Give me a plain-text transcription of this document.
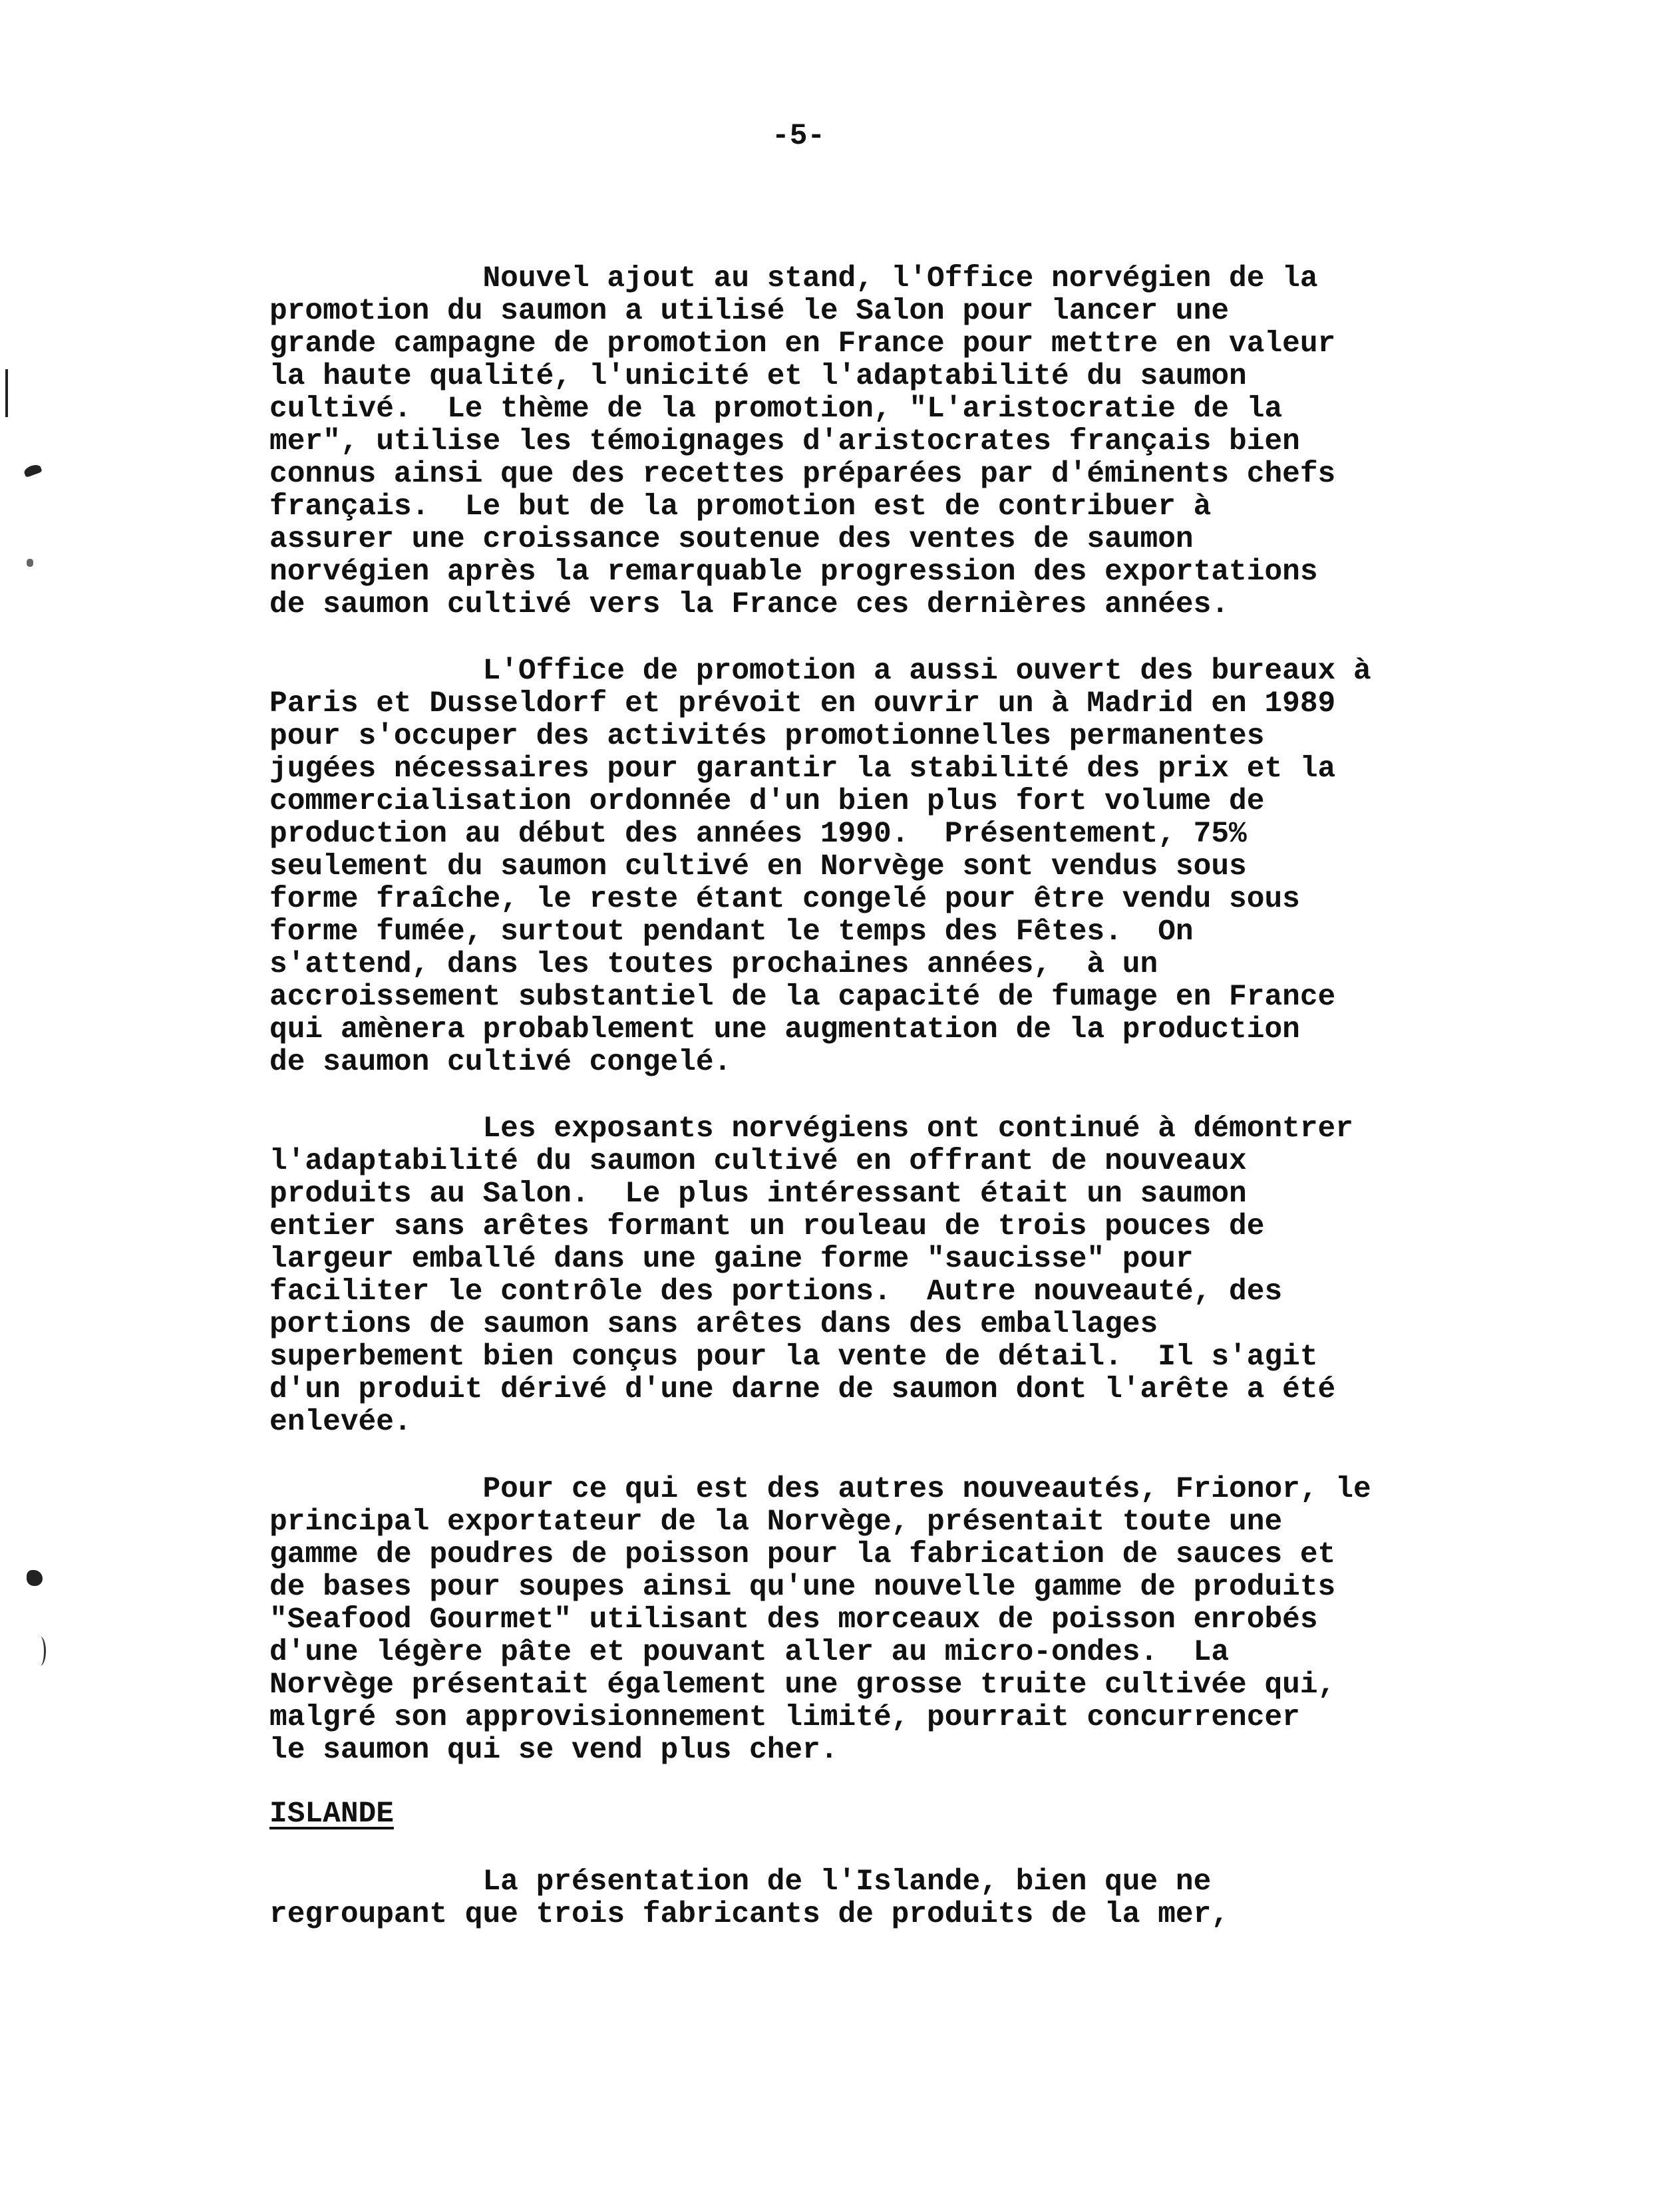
-5-

Nouvel ajout au stand, l'Office norvégien de la
promotion du saumon a utilisé le Salon pour lancer une
grande campagne de promotion en France pour mettre en valeur
la haute qualité, l'unicité et l'adaptabilité du saumon
cultivé.  Le thème de la promotion, "L'aristocratie de la
mer", utilise les témoignages d'aristocrates français bien
connus ainsi que des recettes préparées par d'éminents chefs
français.  Le but de la promotion est de contribuer à
assurer une croissance soutenue des ventes de saumon
norvégien après la remarquable progression des exportations
de saumon cultivé vers la France ces dernières années.

L'Office de promotion a aussi ouvert des bureaux à
Paris et Dusseldorf et prévoit en ouvrir un à Madrid en 1989
pour s'occuper des activités promotionnelles permanentes
jugées nécessaires pour garantir la stabilité des prix et la
commercialisation ordonnée d'un bien plus fort volume de
production au début des années 1990.  Présentement, 75%
seulement du saumon cultivé en Norvège sont vendus sous
forme fraîche, le reste étant congelé pour être vendu sous
forme fumée, surtout pendant le temps des Fêtes.  On
s'attend, dans les toutes prochaines années,  à un
accroissement substantiel de la capacité de fumage en France
qui amènera probablement une augmentation de la production
de saumon cultivé congelé.

Les exposants norvégiens ont continué à démontrer
l'adaptabilité du saumon cultivé en offrant de nouveaux
produits au Salon.  Le plus intéressant était un saumon
entier sans arêtes formant un rouleau de trois pouces de
largeur emballé dans une gaine forme "saucisse" pour
faciliter le contrôle des portions.  Autre nouveauté, des
portions de saumon sans arêtes dans des emballages
superbement bien conçus pour la vente de détail.  Il s'agit
d'un produit dérivé d'une darne de saumon dont l'arête a été
enlevée.

Pour ce qui est des autres nouveautés, Frionor, le
principal exportateur de la Norvège, présentait toute une
gamme de poudres de poisson pour la fabrication de sauces et
de bases pour soupes ainsi qu'une nouvelle gamme de produits
"Seafood Gourmet" utilisant des morceaux de poisson enrobés
d'une légère pâte et pouvant aller au micro-ondes.  La
Norvège présentait également une grosse truite cultivée qui,
malgré son approvisionnement limité, pourrait concurrencer
le saumon qui se vend plus cher.

ISLANDE

La présentation de l'Islande, bien que ne
regroupant que trois fabricants de produits de la mer,
